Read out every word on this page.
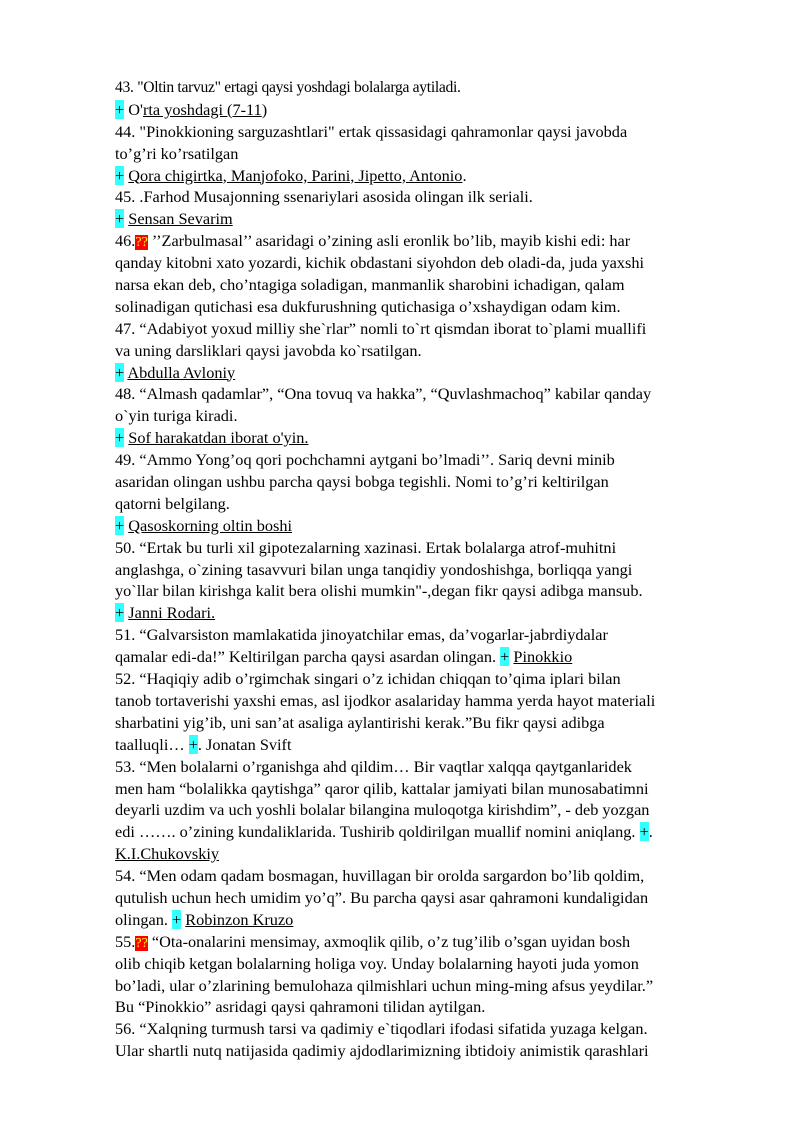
43. "Oltin tarvuz" ertagi qaysi yoshdagi bolalarga aytiladi.
+ O'rta yoshdagi (7-11)
44. "Pinokkioning sarguzashtlari" ertak qissasidagi qahramonlar qaysi javobda
to’g’ri ko’rsatilgan
+ Qora chigirtka, Manjofoko, Parini, Jipetto, Antonio.
45. .Farhod Musajonning ssenariylari asosida olingan ilk seriali.
+ Sensan Sevarim
46.?? ’’Zarbulmasal’’ asaridagi o’zining asli eronlik bo’lib, mayib kishi edi: har
qanday kitobni xato yozardi, kichik obdastani siyohdon deb oladi-da, juda yaxshi
narsa ekan deb, cho’ntagiga soladigan, manmanlik sharobini ichadigan, qalam
solinadigan qutichasi esa dukfurushning qutichasiga o’xshaydigan odam kim.
47. “Adabiyot yoxud milliy she`rlar” nomli to`rt qismdan iborat to`plami muallifi
va uning darsliklari qaysi javobda ko`rsatilgan.
+ Abdulla Avloniy
48. “Almash qadamlar”, “Ona tovuq va hakka”, “Quvlashmachoq” kabilar qanday
o`yin turiga kiradi.
+ Sof harakatdan iborat o'yin.
49. “Ammo Yong’oq qori pochchamni aytgani bo’lmadi’’. Sariq devni minib
asaridan olingan ushbu parcha qaysi bobga tegishli. Nomi to’g’ri keltirilgan
qatorni belgilang.
+ Qasoskorning oltin boshi
50. “Ertak bu turli xil gipotezalarning xazinasi. Ertak bolalarga atrof-muhitni
anglashga, o`zining tasavvuri bilan unga tanqidiy yondoshishga, borliqqa yangi
yo`llar bilan kirishga kalit bera olishi mumkin"-,degan fikr qaysi adibga mansub.
+ Janni Rodari.
51. “Galvarsiston mamlakatida jinoyatchilar emas, da’vogarlar-jabrdiydalar
qamalar edi-da!” Keltirilgan parcha qaysi asardan olingan. + Pinokkio
52. “Haqiqiy adib o’rgimchak singari o’z ichidan chiqqan to’qima iplari bilan
tanob tortaverishi yaxshi emas, asl ijodkor asalariday hamma yerda hayot materiali
sharbatini yig’ib, uni san’at asaliga aylantirishi kerak.”Bu fikr qaysi adibga
taalluqli… +. Jonatan Svift
53. “Men bolalarni o’rganishga ahd qildim… Bir vaqtlar xalqqa qaytganlaridek
men ham “bolalikka qaytishga” qaror qilib, kattalar jamiyati bilan munosabatimni
deyarli uzdim va uch yoshli bolalar bilangina muloqotga kirishdim”, - deb yozgan
edi ……. o’zining kundaliklarida. Tushirib qoldirilgan muallif nomini aniqlang. +.
K.I.Chukovskiy
54. “Men odam qadam bosmagan, huvillagan bir orolda sargardon bo’lib qoldim,
qutulish uchun hech umidim yo’q”. Bu parcha qaysi asar qahramoni kundaligidan
olingan. + Robinzon Kruzo
55.?? “Ota-onalarini mensimay, axmoqlik qilib, o’z tug’ilib o’sgan uyidan bosh
olib chiqib ketgan bolalarning holiga voy. Unday bolalarning hayoti juda yomon
bo’ladi, ular o’zlarining bemulohaza qilmishlari uchun ming-ming afsus yeydilar.”
Bu “Pinokkio” asridagi qaysi qahramoni tilidan aytilgan.
56. “Xalqning turmush tarsi va qadimiy e`tiqodlari ifodasi sifatida yuzaga kelgan.
Ular shartli nutq natijasida qadimiy ajdodlarimizning ibtidoiy animistik qarashlari
